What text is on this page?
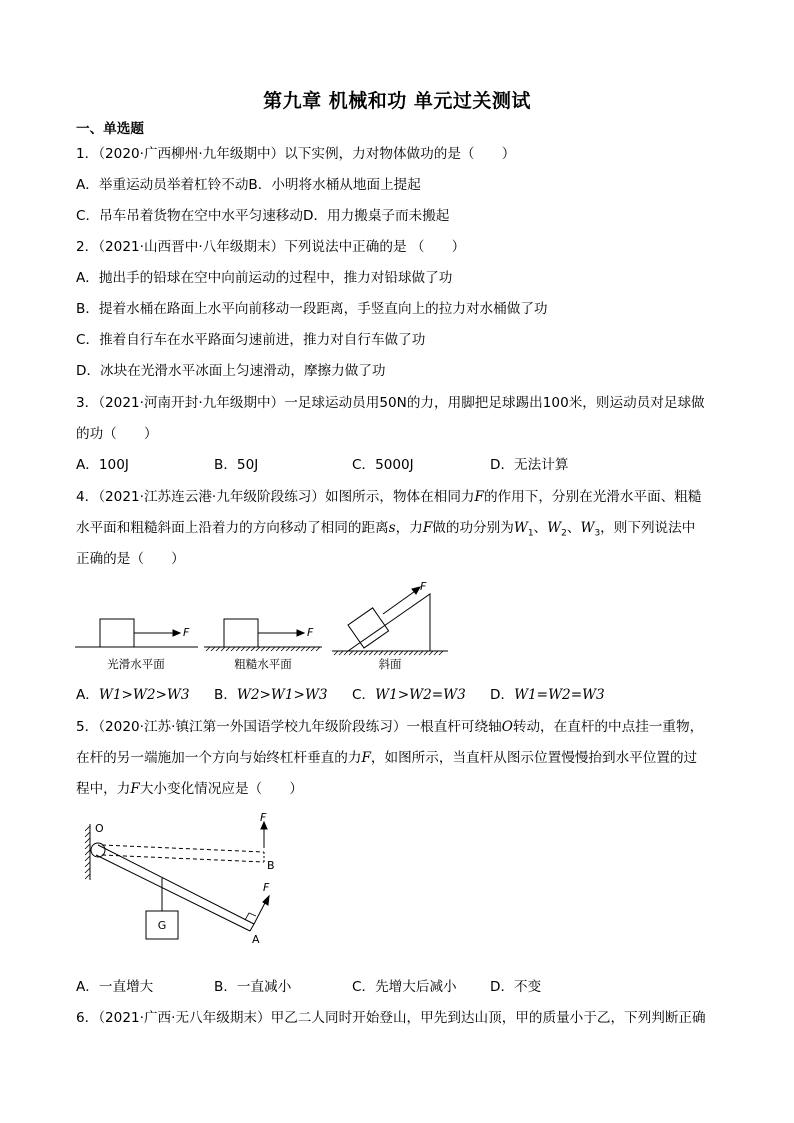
第九章 机械和功 单元过关测试
一、单选题
1．（2020·广西柳州·九年级期中）以下实例，力对物体做功的是（　　）
A．举重运动员举着杠铃不动B．小明将水桶从地面上提起
C．吊车吊着货物在空中水平匀速移动D．用力搬桌子而未搬起
2．（2021·山西晋中·八年级期末）下列说法中正确的是 （　　）
A．抛出手的铅球在空中向前运动的过程中，推力对铅球做了功
B．提着水桶在路面上水平向前移动一段距离，手竖直向上的拉力对水桶做了功
C．推着自行车在水平路面匀速前进，推力对自行车做了功
D．冰块在光滑水平冰面上匀速滑动，摩擦力做了功
3．（2021·河南开封·九年级期中）一足球运动员用50N的力，用脚把足球踢出100米，则运动员对足球做
的功（　　）
A．100J	B．50J	C．5000J	D．无法计算
4．（2021·江苏连云港·九年级阶段练习）如图所示，物体在相同力F的作用下，分别在光滑水平面、粗糙
水平面和粗糙斜面上沿着力的方向移动了相同的距离s，力F做的功分别为$W_1$、$W_2$、$W_3$，则下列说法中
正确的是（　　）
F	F
F
光滑水平面	粗糙水平面	斜面
A．W1>W2>W3 B．W2>W1>W3 C．W1>W2=W3 D．W1=W2=W3
5．（2020·江苏·镇江第一外国语学校九年级阶段练习）一根直杆可绕轴O转动，在直杆的中点挂一重物，
在杆的另一端施加一个方向与始终杠杆垂直的力F，如图所示，当直杆从图示位置慢慢抬到水平位置的过
程中，力F大小变化情况应是（　　）
O
F
B
F
G
A
A．一直增大	B．一直减小	C．先增大后减小 D．不变
6．（2021·广西·无八年级期末）甲乙二人同时开始登山，甲先到达山顶，甲的质量小于乙，下列判断正确
